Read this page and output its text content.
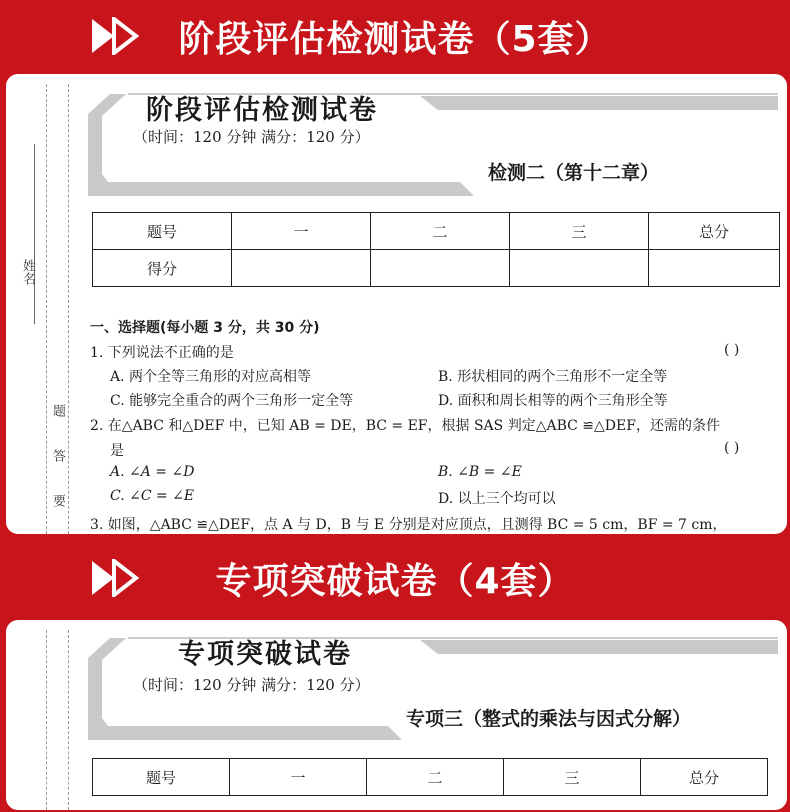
阶段评估检测试卷（5套）
姓名
题
答
要
阶段评估检测试卷
（时间：120 分钟 满分：120 分）
检测二（第十二章）
题号	一	二	三	总分
得分				
一、选择题(每小题 3 分，共 30 分)
1. 下列说法不正确的是	( )
A. 两个全等三角形的对应高相等	B. 形状相同的两个三角形不一定全等
C. 能够完全重合的两个三角形一定全等	D. 面积和周长相等的两个三角形全等
2. 在△ABC 和△DEF 中，已知 AB = DE，BC = EF，根据 SAS 判定△ABC ≌△DEF，还需的条件
是	( )
A. ∠A = ∠D	B. ∠B = ∠E
C. ∠C = ∠E	D. 以上三个均可以
3. 如图，△ABC ≌△DEF，点 A 与 D，B 与 E 分别是对应顶点，且测得 BC = 5 cm，BF = 7 cm，
专项突破试卷（4套）
专项突破试卷
（时间：120 分钟 满分：120 分）
专项三（整式的乘法与因式分解）
题号	一	二	三	总分
